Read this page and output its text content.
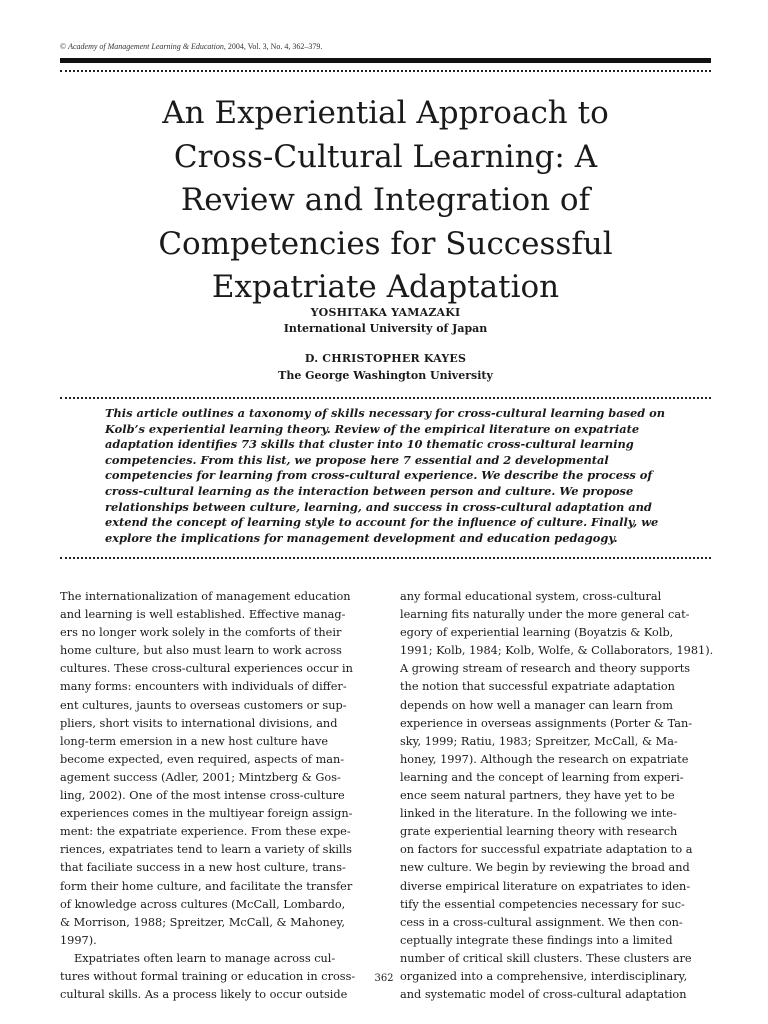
© Academy of Management Learning & Education, 2004, Vol. 3, No. 4, 362–379.
An Experiential Approach to
Cross-Cultural Learning: A
Review and Integration of
Competencies for Successful
Expatriate Adaptation
YOSHITAKA YAMAZAKI
International University of Japan
D. CHRISTOPHER KAYES
The George Washington University
This article outlines a taxonomy of skills necessary for cross-cultural learning based on
Kolb’s experiential learning theory. Review of the empirical literature on expatriate
adaptation identifies 73 skills that cluster into 10 thematic cross-cultural learning
competencies. From this list, we propose here 7 essential and 2 developmental
competencies for learning from cross-cultural experience. We describe the process of
cross-cultural learning as the interaction between person and culture. We propose
relationships between culture, learning, and success in cross-cultural adaptation and
extend the concept of learning style to account for the influence of culture. Finally, we
explore the implications for management development and education pedagogy.
The internationalization of management education
and learning is well established. Effective manag-
ers no longer work solely in the comforts of their
home culture, but also must learn to work across
cultures. These cross-cultural experiences occur in
many forms: encounters with individuals of differ-
ent cultures, jaunts to overseas customers or sup-
pliers, short visits to international divisions, and
long-term emersion in a new host culture have
become expected, even required, aspects of man-
agement success (Adler, 2001; Mintzberg & Gos-
ling, 2002). One of the most intense cross-culture
experiences comes in the multiyear foreign assign-
ment: the expatriate experience. From these expe-
riences, expatriates tend to learn a variety of skills
that faciliate success in a new host culture, trans-
form their home culture, and facilitate the transfer
of knowledge across cultures (McCall, Lombardo,
& Morrison, 1988; Spreitzer, McCall, & Mahoney,
1997).
Expatriates often learn to manage across cul-
tures without formal training or education in cross-
cultural skills. As a process likely to occur outside
any formal educational system, cross-cultural
learning fits naturally under the more general cat-
egory of experiential learning (Boyatzis & Kolb,
1991; Kolb, 1984; Kolb, Wolfe, & Collaborators, 1981).
A growing stream of research and theory supports
the notion that successful expatriate adaptation
depends on how well a manager can learn from
experience in overseas assignments (Porter & Tan-
sky, 1999; Ratiu, 1983; Spreitzer, McCall, & Ma-
honey, 1997). Although the research on expatriate
learning and the concept of learning from experi-
ence seem natural partners, they have yet to be
linked in the literature. In the following we inte-
grate experiential learning theory with research
on factors for successful expatriate adaptation to a
new culture. We begin by reviewing the broad and
diverse empirical literature on expatriates to iden-
tify the essential competencies necessary for suc-
cess in a cross-cultural assignment. We then con-
ceptually integrate these findings into a limited
number of critical skill clusters. These clusters are
organized into a comprehensive, interdisciplinary,
and systematic model of cross-cultural adaptation
362
